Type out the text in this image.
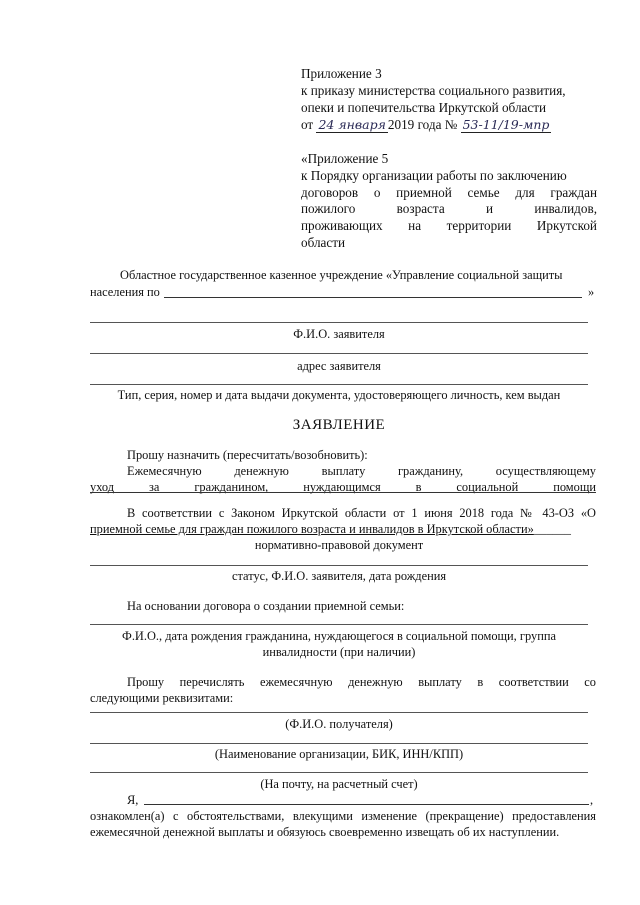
Приложение 3
к приказу министерства социального развития,
опеки и попечительства Иркутской области
от 24 января 2019 года № 53-11/19-мпр
«Приложение 5
к Порядку организации работы по заключению
договоров о приемной семье для граждан
пожилого возраста и инвалидов,
проживающих на территории Иркутской
области
Областное государственное казенное учреждение «Управление социальной защиты
населения по	»
Ф.И.О. заявителя
адрес заявителя
Тип, серия, номер и дата выдачи документа, удостоверяющего личность, кем выдан
ЗАЯВЛЕНИЕ
Прошу назначить (пересчитать/возобновить):
Ежемесячную денежную выплату гражданину, осуществляющему
уход за гражданином, нуждающимся в социальной помощи
В соответствии с Законом Иркутской области от 1 июня 2018 года № 43-ОЗ «О
приемной семье для граждан пожилого возраста и инвалидов в Иркутской области»______
нормативно-правовой документ
статус, Ф.И.О. заявителя, дата рождения
На основании договора о создании приемной семьи:
Ф.И.О., дата рождения гражданина, нуждающегося в социальной помощи, группа
инвалидности (при наличии)
Прошу перечислять ежемесячную денежную выплату в соответствии со
следующими реквизитами:
(Ф.И.О. получателя)
(Наименование организации, БИК, ИНН/КПП)
(На почту, на расчетный счет)
Я,	,
ознакомлен(а) с обстоятельствами, влекущими изменение (прекращение) предоставления
ежемесячной денежной выплаты и обязуюсь своевременно извещать об их наступлении.
